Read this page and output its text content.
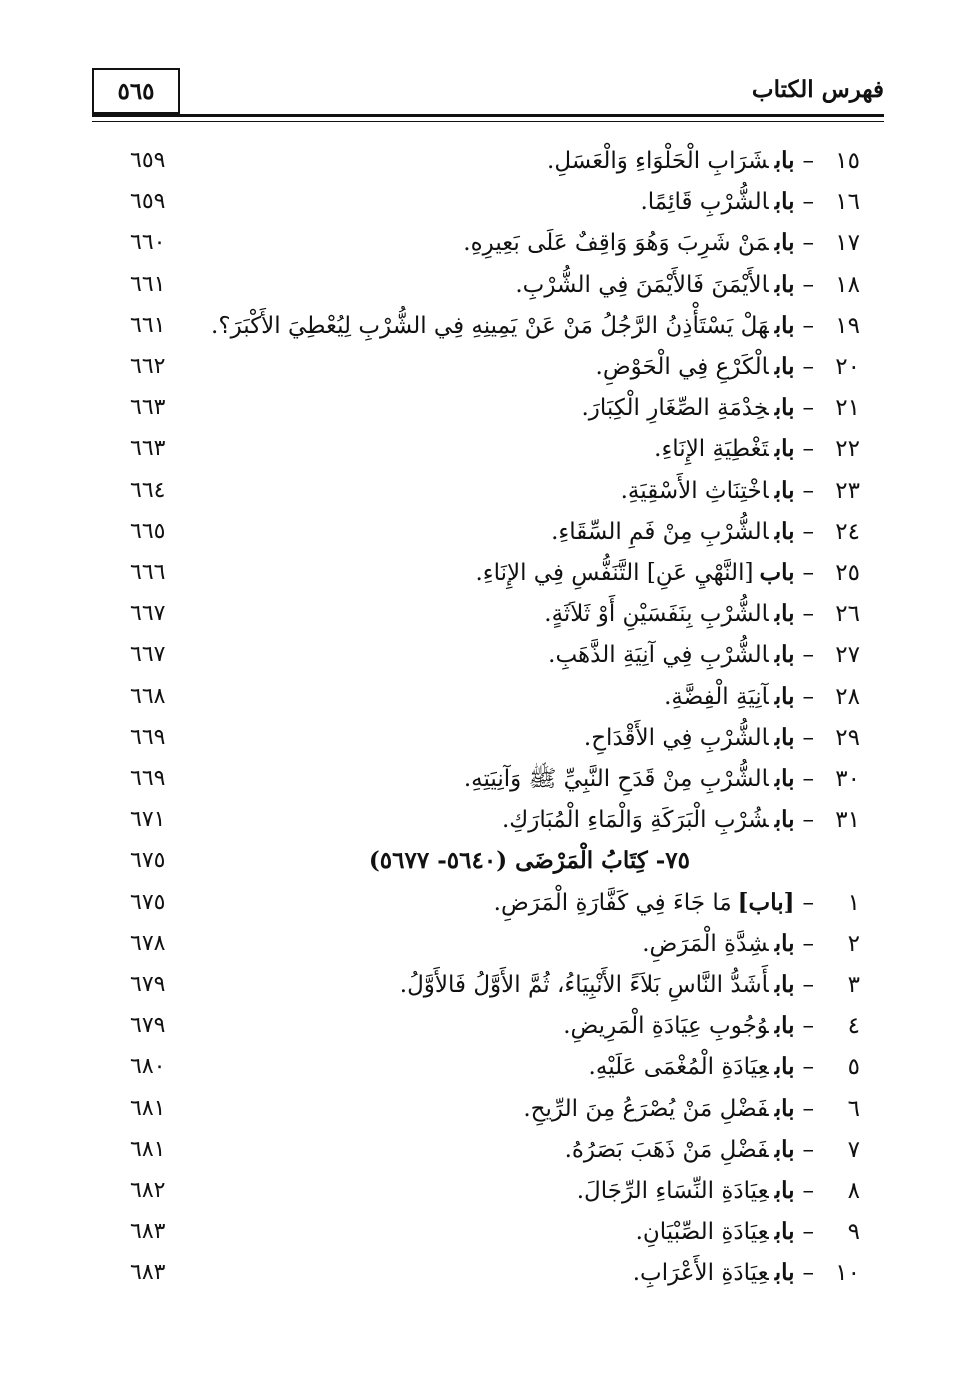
٥٦٥	فهرس الكتاب
٦٥٩	١٥–بابشَرَابِ الْحَلْوَاءِ وَالْعَسَلِ.
٦٥٩	١٦–بابالشُّرْبِ قَائِمًا.
٦٦٠	١٧–بابمَنْ شَرِبَ وَهُوَ وَاقِفٌ عَلَى بَعِيرِهِ.
٦٦١	١٨–بابالأَيْمَنَ فَالأَيْمَنَ فِي الشُّرْبِ.
٦٦١	١٩–بابهَلْ يَسْتَأْذِنُ الرَّجُلُ مَنْ عَنْ يَمِينِهِ فِي الشُّرْبِ لِيُعْطِيَ الأَكْبَرَ؟.
٦٦٢	٢٠–بابالْكَرْعِ فِي الْحَوْضِ.
٦٦٣	٢١–بابخِدْمَةِ الصِّغَارِ الْكِبَارَ.
٦٦٣	٢٢–بابتَغْطِيَةِ الإِنَاءِ.
٦٦٤	٢٣–باباخْتِنَاثِ الأَسْقِيَةِ.
٦٦٥	٢٤–بابالشُّرْبِ مِنْ فَمِ السِّقَاءِ.
٦٦٦	٢٥–باب[النَّهْيِ عَنِ] التَّنَفُّسِ فِي الإِنَاءِ.
٦٦٧	٢٦–بابالشُّرْبِ بِنَفَسَيْنِ أَوْ ثَلاَثَةٍ.
٦٦٧	٢٧–بابالشُّرْبِ فِي آنِيَةِ الذَّهَبِ.
٦٦٨	٢٨–بابآنِيَةِ الْفِضَّةِ.
٦٦٩	٢٩–بابالشُّرْبِ فِي الأَقْدَاحِ.
٦٦٩	٣٠–بابالشُّرْبِ مِنْ قَدَحِ النَّبِيِّ ﷺ وَآنِيَتِهِ.
٦٧١	٣١–بابشُرْبِ الْبَرَكَةِ وَالْمَاءِ الْمُبَارَكِ.
٦٧٥	٧٥- كِتَابُ الْمَرْضَى (٥٦٤٠- ٥٦٧٧)
٦٧٥	١–[باب]مَا جَاءَ فِي كَفَّارَةِ الْمَرَضِ.
٦٧٨	٢–بابشِدَّةِ الْمَرَضِ.
٦٧٩	٣–بابأَشَدُّ النَّاسِ بَلاَءً الأَنْبِيَاءُ، ثُمَّ الأَوَّلُ فَالأَوَّلُ.
٦٧٩	٤–بابوُجُوبِ عِيَادَةِ الْمَرِيضِ.
٦٨٠	٥–بابعِيَادَةِ الْمُغْمَى عَلَيْهِ.
٦٨١	٦–بابفَضْلِ مَنْ يُصْرَعُ مِنَ الرِّيحِ.
٦٨١	٧–بابفَضْلِ مَنْ ذَهَبَ بَصَرُهُ.
٦٨٢	٨–بابعِيَادَةِ النِّسَاءِ الرِّجَالَ.
٦٨٣	٩–بابعِيَادَةِ الصِّبْيَانِ.
٦٨٣	١٠–بابعِيَادَةِ الأَعْرَابِ.
